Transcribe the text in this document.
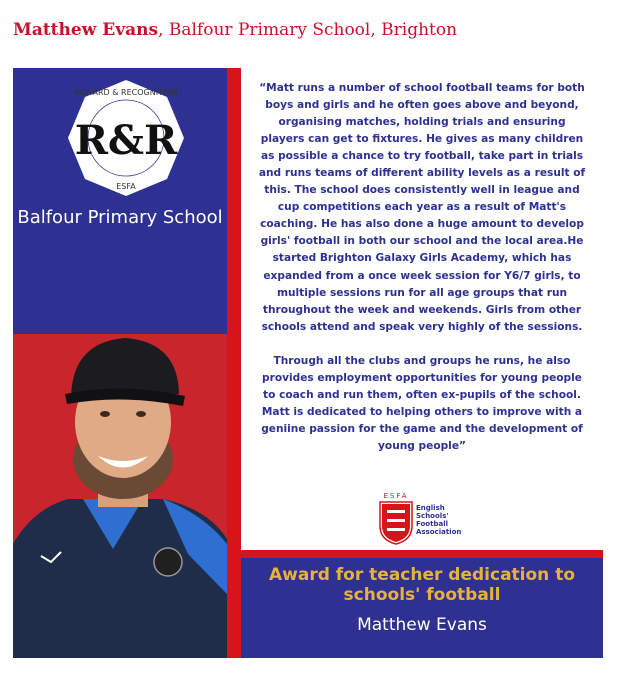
Matthew Evans, Balfour Primary School, Brighton
REWARD & RECOGNITION
ESFA
R&R
Balfour Primary School

“Matt runs a number of school football teams for both boys and girls and he often goes above and beyond, organising matches, holding trials and ensuring players can get to fixtures. He gives as many children as possible a chance to try football, take part in trials and runs teams of different ability levels as a result of this. The school does consistently well in league and cup competitions each year as a result of Matt's coaching. He has also done a huge amount to develop girls' football in both our school and the local area.He started Brighton Galaxy Girls Academy, which has expanded from a once week session for Y6/7 girls, to multiple sessions run for all age groups that run throughout the week and weekends. Girls from other schools attend and speak very highly of the sessions.

Through all the clubs and groups he runs, he also provides employment opportunities for young people to coach and run them, often ex-pupils of the school. Matt is dedicated to helping others to improve with a geniine passion for the game and the development of young people”

ESFA
English
Schools'
Football
Association
Award for teacher dedication to
schools' football
Matthew Evans
